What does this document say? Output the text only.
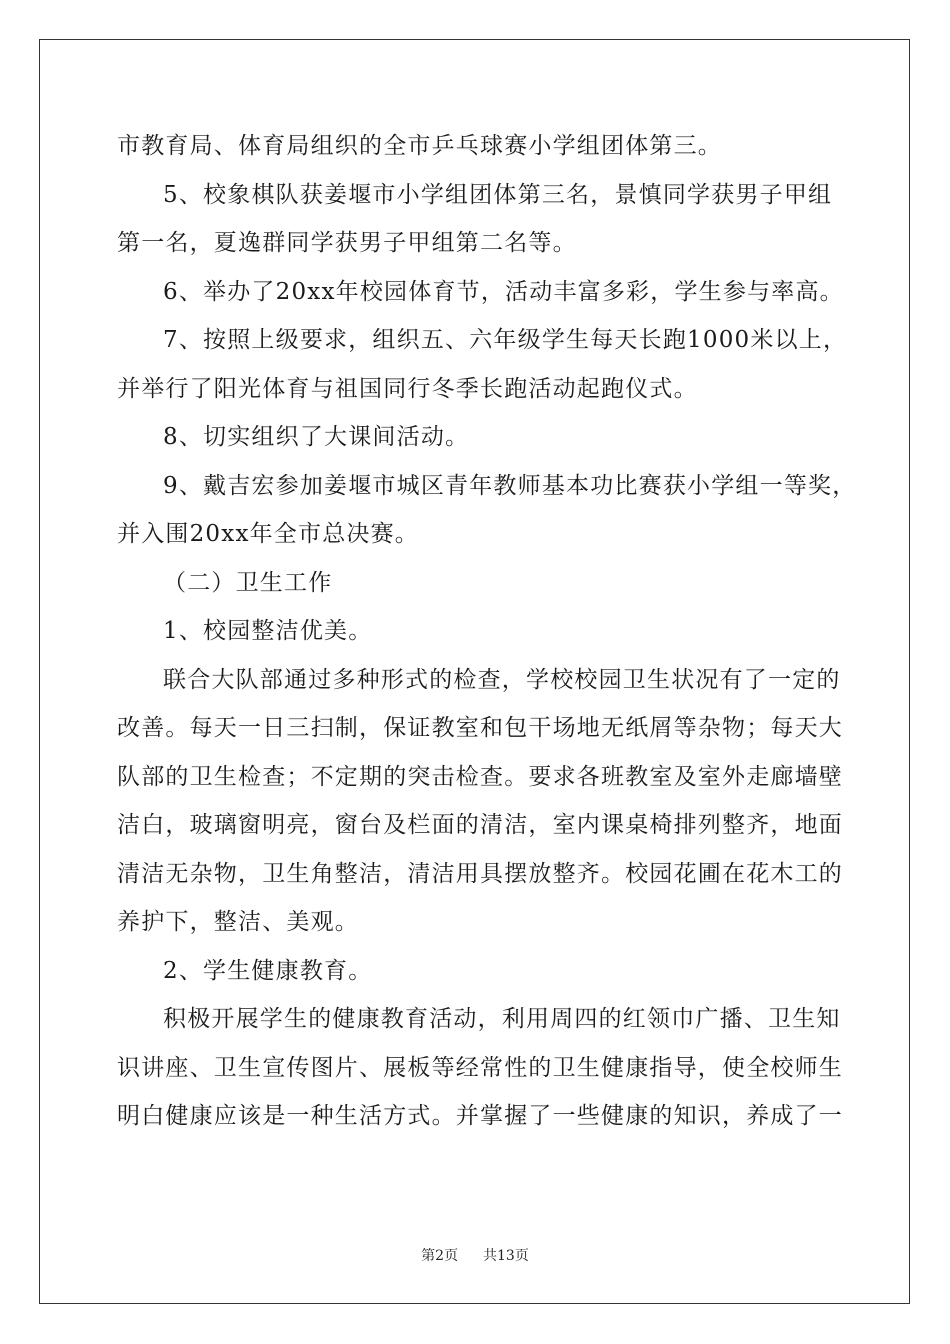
市教育局、体育局组织的全市乒乓球赛小学组团体第三。
5、校象棋队获姜堰市小学组团体第三名，景慎同学获男子甲组
第一名，夏逸群同学获男子甲组第二名等。
6、举办了20xx年校园体育节，活动丰富多彩，学生参与率高。
7、按照上级要求，组织五、六年级学生每天长跑1000米以上，
并举行了阳光体育与祖国同行冬季长跑活动起跑仪式。
8、切实组织了大课间活动。
9、戴吉宏参加姜堰市城区青年教师基本功比赛获小学组一等奖，
并入围20xx年全市总决赛。
（二）卫生工作
1、校园整洁优美。
联合大队部通过多种形式的检查，学校校园卫生状况有了一定的
改善。每天一日三扫制，保证教室和包干场地无纸屑等杂物；每天大
队部的卫生检查；不定期的突击检查。要求各班教室及室外走廊墙壁
洁白，玻璃窗明亮，窗台及栏面的清洁，室内课桌椅排列整齐，地面
清洁无杂物，卫生角整洁，清洁用具摆放整齐。校园花圃在花木工的
养护下，整洁、美观。
2、学生健康教育。
积极开展学生的健康教育活动，利用周四的红领巾广播、卫生知
识讲座、卫生宣传图片、展板等经常性的卫生健康指导，使全校师生
明白健康应该是一种生活方式。并掌握了一些健康的知识，养成了一
第2页 共13页
